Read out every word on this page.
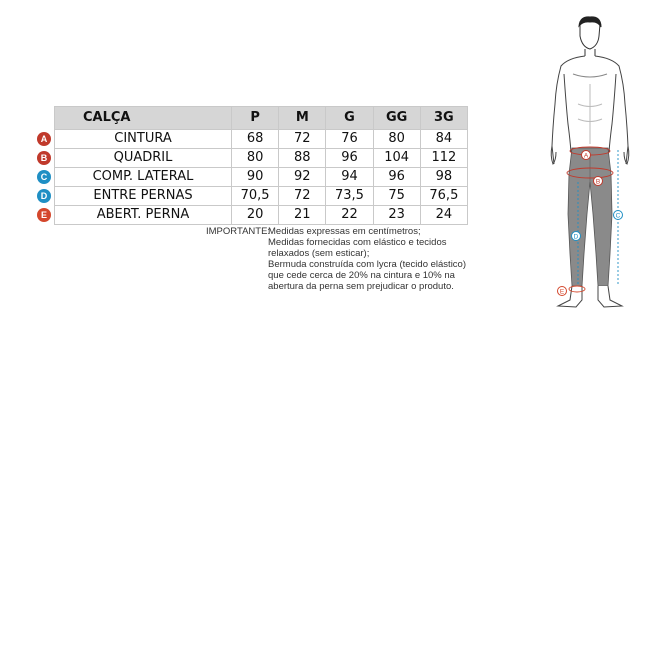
	CALÇA	P	M	G	GG	3G
A	CINTURA	68	72	76	80	84
B	QUADRIL	80	88	96	104	112
C	COMP. LATERAL	90	92	94	96	98
D	ENTRE PERNAS	70,5	72	73,5	75	76,5
E	ABERT. PERNA	20	21	22	23	24
IMPORTANTE:
Medidas expressas em centímetros;
Medidas fornecidas com elástico e tecidos
relaxados (sem esticar);
Bermuda construída com lycra (tecido elástico)
que cede cerca de 20% na cintura e 10% na
abertura da perna sem prejudicar o produto.
A
B
C
D
E
